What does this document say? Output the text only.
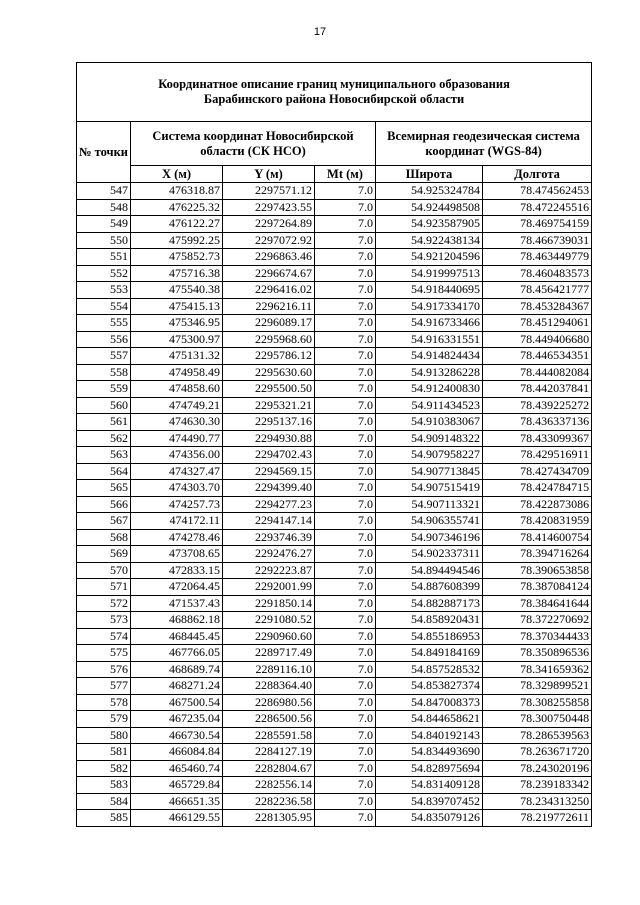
17
Координатное описание границ муниципального образования
Барабинского района Новосибирской области					

№ точки	Система координат Новосибирской области (СК НСО)			Всемирная геодезическая система координат (WGS-84)	
	X (м)	Y (м)	Mt (м)	Широта	Долгота
547	476318.87	2297571.12	7.0	54.925324784	78.474562453
548	476225.32	2297423.55	7.0	54.924498508	78.472245516
549	476122.27	2297264.89	7.0	54.923587905	78.469754159
550	475992.25	2297072.92	7.0	54.922438134	78.466739031
551	475852.73	2296863.46	7.0	54.921204596	78.463449779
552	475716.38	2296674.67	7.0	54.919997513	78.460483573
553	475540.38	2296416.02	7.0	54.918440695	78.456421777
554	475415.13	2296216.11	7.0	54.917334170	78.453284367
555	475346.95	2296089.17	7.0	54.916733466	78.451294061
556	475300.97	2295968.60	7.0	54.916331551	78.449406680
557	475131.32	2295786.12	7.0	54.914824434	78.446534351
558	474958.49	2295630.60	7.0	54.913286228	78.444082084
559	474858.60	2295500.50	7.0	54.912400830	78.442037841
560	474749.21	2295321.21	7.0	54.911434523	78.439225272
561	474630.30	2295137.16	7.0	54.910383067	78.436337136
562	474490.77	2294930.88	7.0	54.909148322	78.433099367
563	474356.00	2294702.43	7.0	54.907958227	78.429516911
564	474327.47	2294569.15	7.0	54.907713845	78.427434709
565	474303.70	2294399.40	7.0	54.907515419	78.424784715
566	474257.73	2294277.23	7.0	54.907113321	78.422873086
567	474172.11	2294147.14	7.0	54.906355741	78.420831959
568	474278.46	2293746.39	7.0	54.907346196	78.414600754
569	473708.65	2292476.27	7.0	54.902337311	78.394716264
570	472833.15	2292223.87	7.0	54.894494546	78.390653858
571	472064.45	2292001.99	7.0	54.887608399	78.387084124
572	471537.43	2291850.14	7.0	54.882887173	78.384641644
573	468862.18	2291080.52	7.0	54.858920431	78.372270692
574	468445.45	2290960.60	7.0	54.855186953	78.370344433
575	467766.05	2289717.49	7.0	54.849184169	78.350896536
576	468689.74	2289116.10	7.0	54.857528532	78.341659362
577	468271.24	2288364.40	7.0	54.853827374	78.329899521
578	467500.54	2286980.56	7.0	54.847008373	78.308255858
579	467235.04	2286500.56	7.0	54.844658621	78.300750448
580	466730.54	2285591.58	7.0	54.840192143	78.286539563
581	466084.84	2284127.19	7.0	54.834493690	78.263671720
582	465460.74	2282804.67	7.0	54.828975694	78.243020196
583	465729.84	2282556.14	7.0	54.831409128	78.239183342
584	466651.35	2282236.58	7.0	54.839707452	78.234313250
585	466129.55	2281305.95	7.0	54.835079126	78.219772611
